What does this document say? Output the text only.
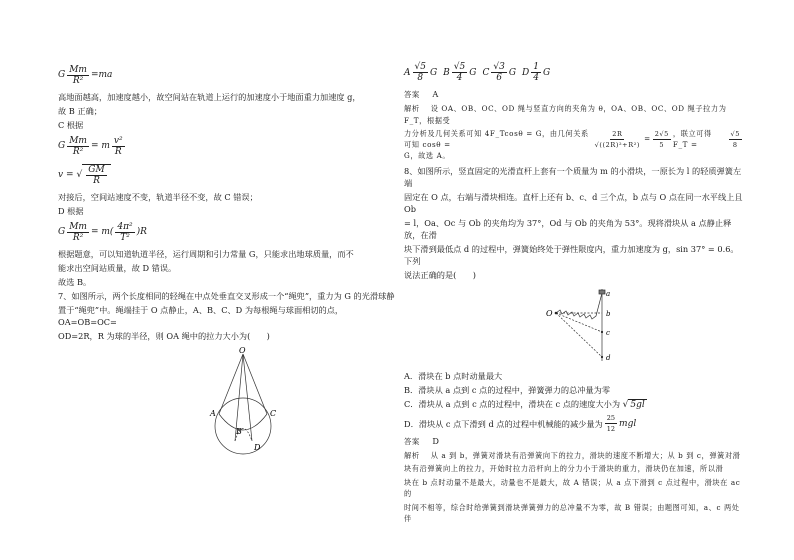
G $\frac{Mm}{\text{R²}} =ma$

高地面越高，加速度越小，故空间站在轨道上运行的加速度小于地面重力加速度 g，

故 B 正确；

C 根据

G $\frac{Mm}{\text{R²}} = m \frac{\text{v²}}{R}$
v = √ $\frac{GM}{R}$

对接后，空间站速度不变，轨道半径不变，故 C 错误；

D 根据

G $\frac{Mm}{\text{R²}} = m( \frac{\text{4π²}}{\text{T²}} )R$

根据题意，可以知道轨道半径，运行周期和引力常量 G，只能求出地球质量，而不

能求出空间站质量，故 D 错误。

故选 B。

7、如图所示，两个长度相同的轻绳在中点处垂直交叉形成一个“绳兜”，重力为 G 的光滑球静

置于“绳兜”中。绳端挂于 O 点静止，A、B、C、D 为每根绳与球面相切的点，OA=OB=OC=

OD=2R，R 为球的半径，则 OA 绳中的拉力大小为(　　)

O
A
B
C
D
A $\frac{√5}{8}$ G B $\frac{√5}{4}$ G C $\frac{√3}{6}$ G D $\frac{1}{4}$ G

答案 A

解析 设 OA、OB、OC、OD 绳与竖直方向的夹角为 θ，OA、OB、OC、OD 绳子拉力为 F_T，根据受

力分析及几何关系可知 4F_Tcosθ = G，由几何关系可知 cosθ =	$\frac{2R}{\text{√((2R)²+R²)}} = \frac{2√5}{5}$ ，联立可得 F_T =	$\frac{√5}{8}$

G，故选 A。

8、如图所示，竖直固定的光滑直杆上套有一个质量为 m 的小滑块，一原长为 l 的轻质弹簧左端

固定在 O 点，右端与滑块相连。直杆上还有 b、c、d 三个点，b 点与 O 点在同一水平线上且 Ob

= l，Oa、Oc 与 Ob 的夹角均为 37°，Od 与 Ob 的夹角为 53°。现将滑块从 a 点静止释放，在滑

块下滑到最低点 d 的过程中，弹簧始终处于弹性限度内，重力加速度为 g，sin 37° = 0.6。下列

说法正确的是(　　)

O
a
b
c
d

A．滑块在 b 点时动量最大

B．滑块从 a 点到 c 点的过程中，弹簧弹力的总冲量为零

C．滑块从 a 点到 c 点的过程中，滑块在 c 点的速度大小为 √ 5gl

D．滑块从 c 点下滑到 d 点的过程中机械能的减少量为 $\frac{25}{12}$ mgl

答案 D

解析 从 a 到 b，弹簧对滑块有沿弹簧向下的拉力，滑块的速度不断增大；从 b 到 c，弹簧对滑

块有沿弹簧向上的拉力，开始时拉力沿杆向上的分力小于滑块的重力，滑块仍在加速，所以滑

块在 b 点时动量不是最大，动量也不是最大，故 A 错误；从 a 点下滑到 c 点过程中，滑块在 ac 的

时间不相等，综合时给弹簧到滑块弹簧弹力的总冲量不为零，故 B 错误；由题图可知，a、c 两处伴
